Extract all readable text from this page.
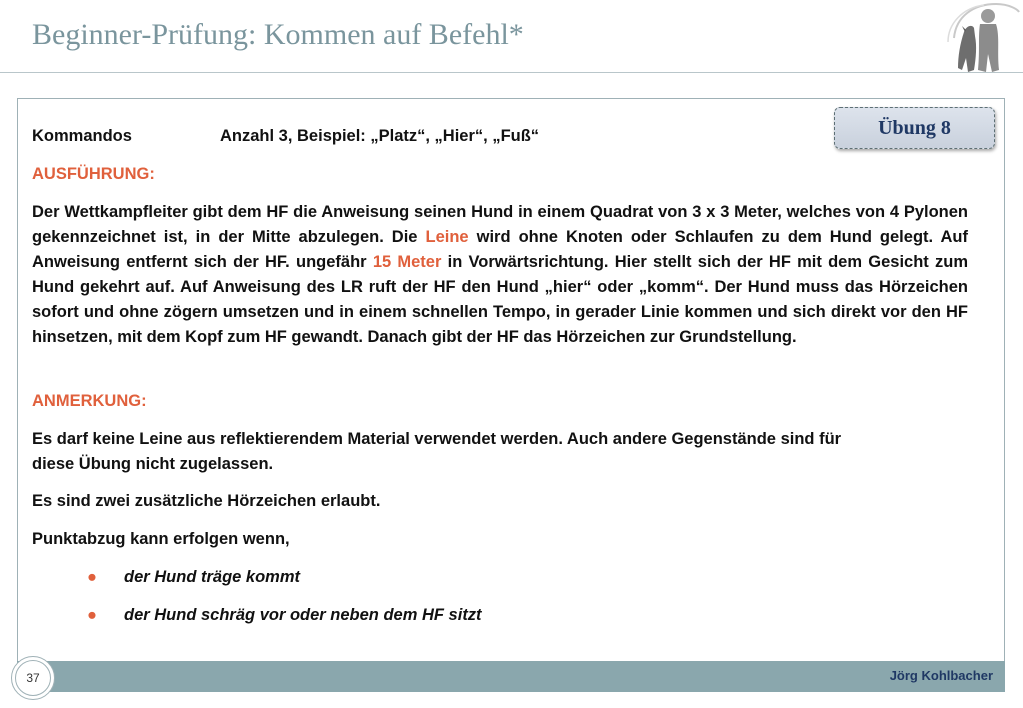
Beginner-Prüfung: Kommen auf Befehl*
Übung 8
Kommandos	Anzahl 3, Beispiel: „Platz“, „Hier“, „Fuß“
AUSFÜHRUNG:
Der Wettkampfleiter gibt dem HF die Anweisung seinen Hund in einem Quadrat von 3 x 3 Meter, welches von 4 Pylonen gekennzeichnet ist, in der Mitte abzulegen. Die Leine wird ohne Knoten oder Schlaufen zu dem Hund gelegt. Auf Anweisung entfernt sich der HF. ungefähr 15 Meter in Vorwärtsrichtung. Hier stellt sich der HF mit dem Gesicht zum Hund gekehrt auf. Auf Anweisung des LR ruft der HF den Hund „hier“ oder „komm“. Der Hund muss das Hörzeichen sofort und ohne zögern umsetzen und in einem schnellen Tempo, in gerader Linie kommen und sich direkt vor den HF hinsetzen, mit dem Kopf zum HF gewandt. Danach gibt der HF das Hörzeichen zur Grundstellung.
ANMERKUNG:
Es darf keine Leine aus reflektierendem Material verwendet werden. Auch andere Gegenstände sind für
diese Übung nicht zugelassen.
Es sind zwei zusätzliche Hörzeichen erlaubt.
Punktabzug kann erfolgen wenn,
● der Hund träge kommt
● der Hund schräg vor oder neben dem HF sitzt
37	Jörg Kohlbacher
